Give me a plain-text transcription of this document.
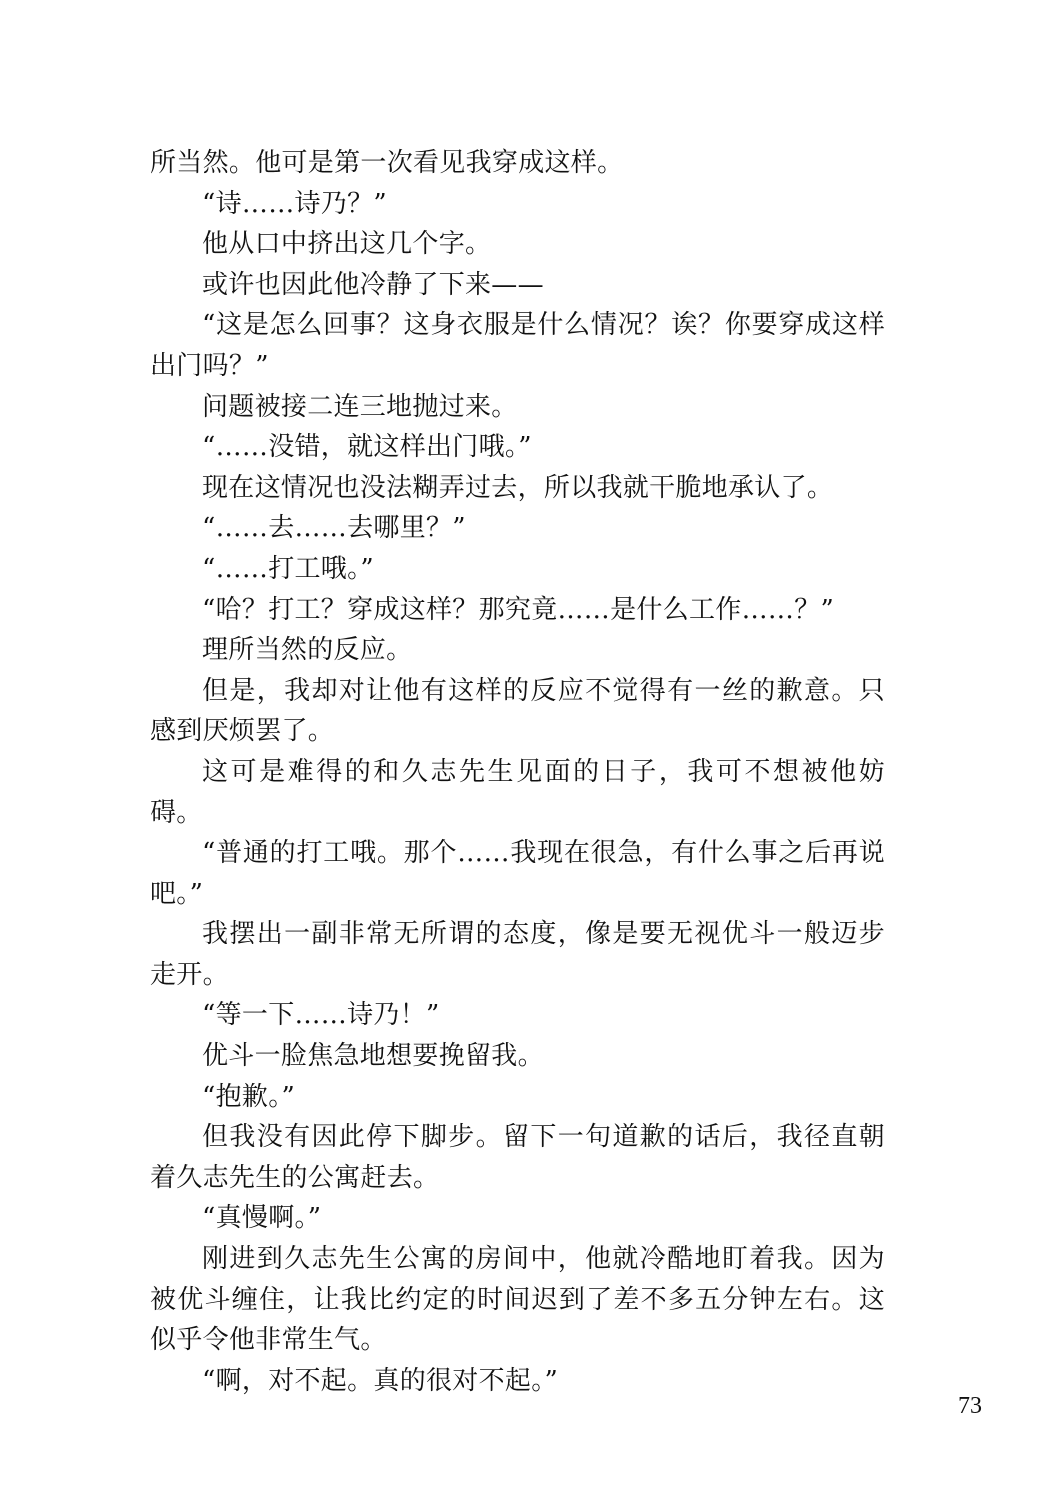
所当然。他可是第一次看见我穿成这样。

“诗……诗乃？”

他从口中挤出这几个字。

或许也因此他冷静了下来——

“这是怎么回事？这身衣服是什么情况？诶？你要穿成这样出门吗？”

问题被接二连三地抛过来。

“……没错，就这样出门哦。”

现在这情况也没法糊弄过去，所以我就干脆地承认了。

“……去……去哪里？”

“……打工哦。”

“哈？打工？穿成这样？那究竟……是什么工作……？”

理所当然的反应。

但是，我却对让他有这样的反应不觉得有一丝的歉意。只感到厌烦罢了。

这可是难得的和久志先生见面的日子，我可不想被他妨碍。

“普通的打工哦。那个……我现在很急，有什么事之后再说吧。”

我摆出一副非常无所谓的态度，像是要无视优斗一般迈步走开。

“等一下……诗乃！”

优斗一脸焦急地想要挽留我。

“抱歉。”

但我没有因此停下脚步。留下一句道歉的话后，我径直朝着久志先生的公寓赶去。

“真慢啊。”

刚进到久志先生公寓的房间中，他就冷酷地盯着我。因为被优斗缠住，让我比约定的时间迟到了差不多五分钟左右。这似乎令他非常生气。

“啊，对不起。真的很对不起。”

73
